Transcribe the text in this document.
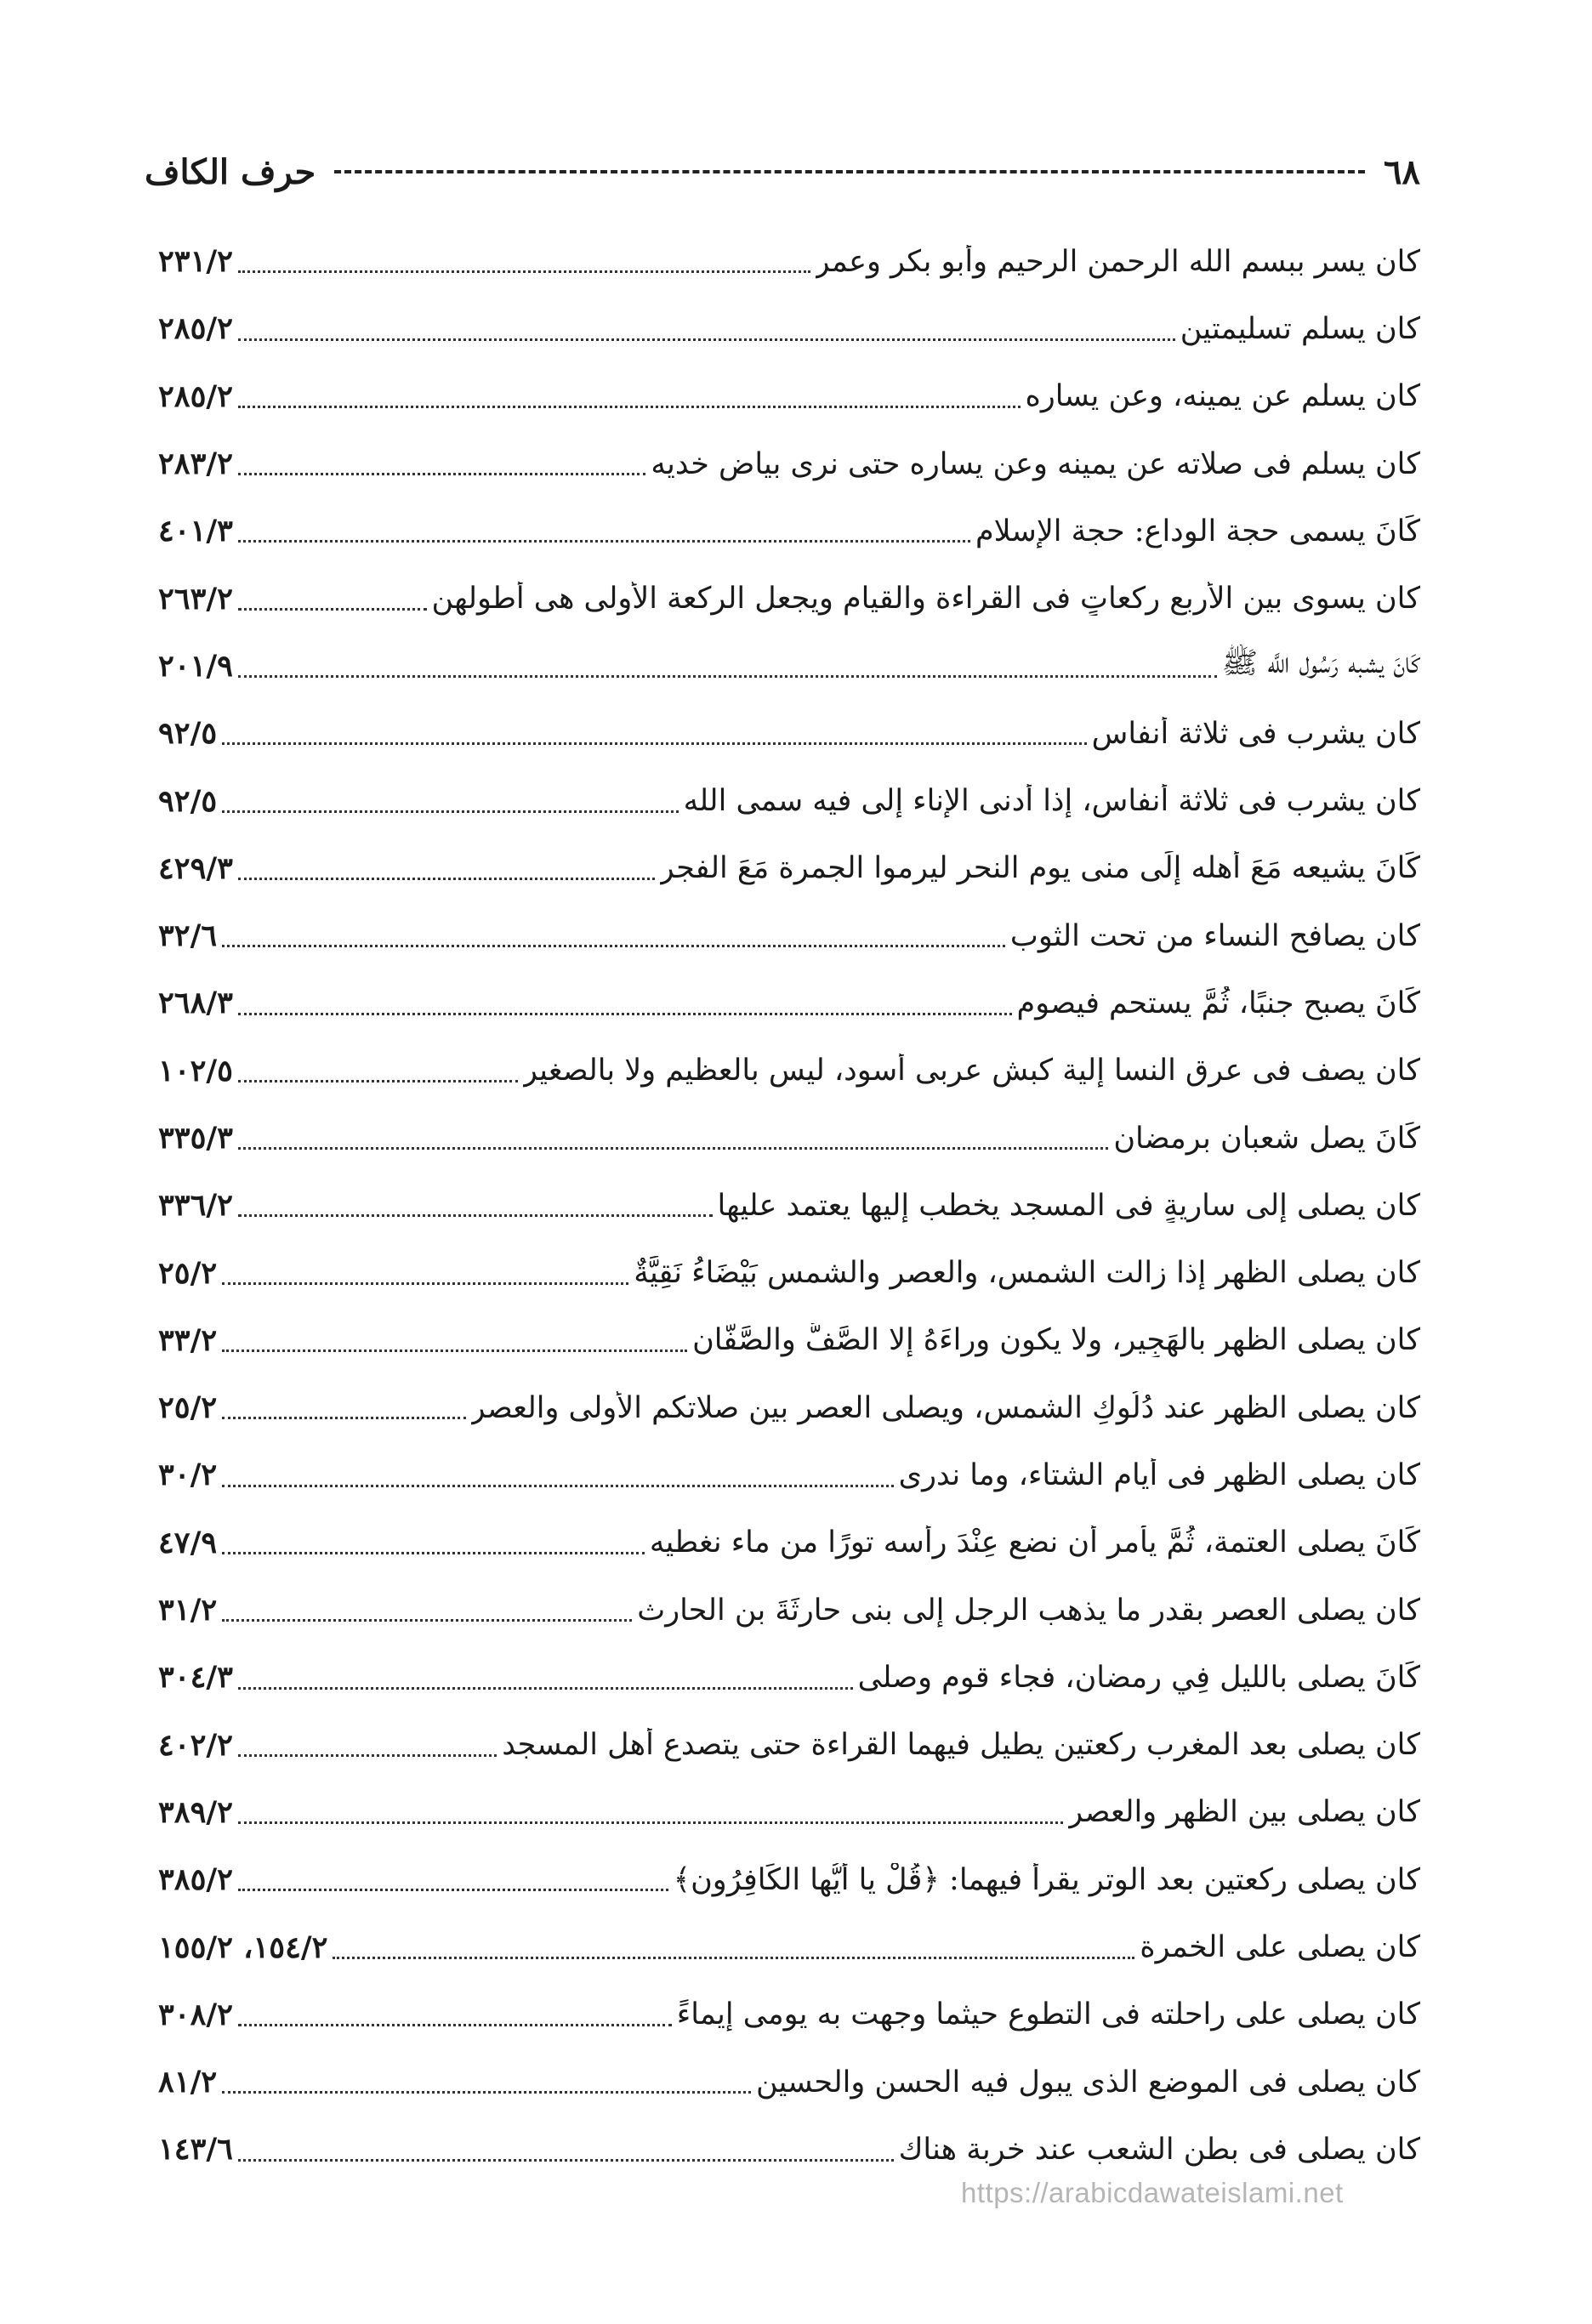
٦٨
حرف الكاف
كان يسر ببسم الله الرحمن الرحيم وأبو بكر وعمر
٢٣١/٢
كان يسلم تسليمتين
٢٨٥/٢
كان يسلم عن يمينه، وعن يساره
٢٨٥/٢
كان يسلم فى صلاته عن يمينه وعن يساره حتى نرى بياض خديه
٢٨٣/٢
كَانَ يسمى حجة الوداع: حجة الإسلام
٤٠١/٣
كان يسوى بين الأربع ركعاتٍ فى القراءة والقيام ويجعل الركعة الأولى هى أطولهن
٢٦٣/٢
كَانَ يشبه رَسُول اللَّه ﷺ
٢٠١/٩
كان يشرب فى ثلاثة أنفاس
٩٢/٥
كان يشرب فى ثلاثة أنفاس، إذا أدنى الإناء إلى فيه سمى الله
٩٢/٥
كَانَ يشيعه مَعَ أهله إِلَى منى يوم النحر ليرموا الجمرة مَعَ الفجر
٤٢٩/٣
كان يصافح النساء من تحت الثوب
٣٢/٦
كَانَ يصبح جنبًا، ثُمَّ يستحم فيصوم
٢٦٨/٣
كان يصف فى عرق النسا إلية كبش عربى أسود، ليس بالعظيم ولا بالصغير
١٠٢/٥
كَانَ يصل شعبان برمضان
٣٣٥/٣
كان يصلى إلى ساريةٍ فى المسجد يخطب إليها يعتمد عليها
٣٣٦/٢
كان يصلى الظهر إذا زالت الشمس، والعصر والشمس بَيْضَاءُ نَقِيَّةٌ
٢٥/٢
كان يصلى الظهر بالهَجِير، ولا يكون وراءَهُ إلا الصَّفُّ والصَّفَّان
٣٣/٢
كان يصلى الظهر عند دُلُوكِ الشمس، ويصلى العصر بين صلاتكم الأولى والعصر
٢٥/٢
كان يصلى الظهر فى أيام الشتاء، وما ندرى
٣٠/٢
كَانَ يصلى العتمة، ثُمَّ يأمر أن نضع عِنْدَ رأسه تورًا من ماء نغطيه
٤٧/٩
كان يصلى العصر بقدر ما يذهب الرجل إلى بنى حارِثَةَ بن الحارث
٣١/٢
كَانَ يصلى بالليل فِي رمضان، فجاء قوم وصلى
٣٠٤/٣
كان يصلى بعد المغرب ركعتين يطيل فيهما القراءة حتى يتصدع أهل المسجد
٤٠٢/٢
كان يصلى بين الظهر والعصر
٣٨٩/٢
كان يصلى ركعتين بعد الوتر يقرأ فيهما: ﴿قُلْ يا أَيُّها الكَافِرُون﴾
٣٨٥/٢
كان يصلى على الخمرة
١٥٤/٢، ١٥٥/٢
كان يصلى على راحلته فى التطوع حيثما وجهت به يومى إيماءً
٣٠٨/٢
كان يصلى فى الموضع الذى يبول فيه الحسن والحسين
٨١/٢
كان يصلى فى بطن الشعب عند خربة هناك
١٤٣/٦
https://arabicdawateislami.net
